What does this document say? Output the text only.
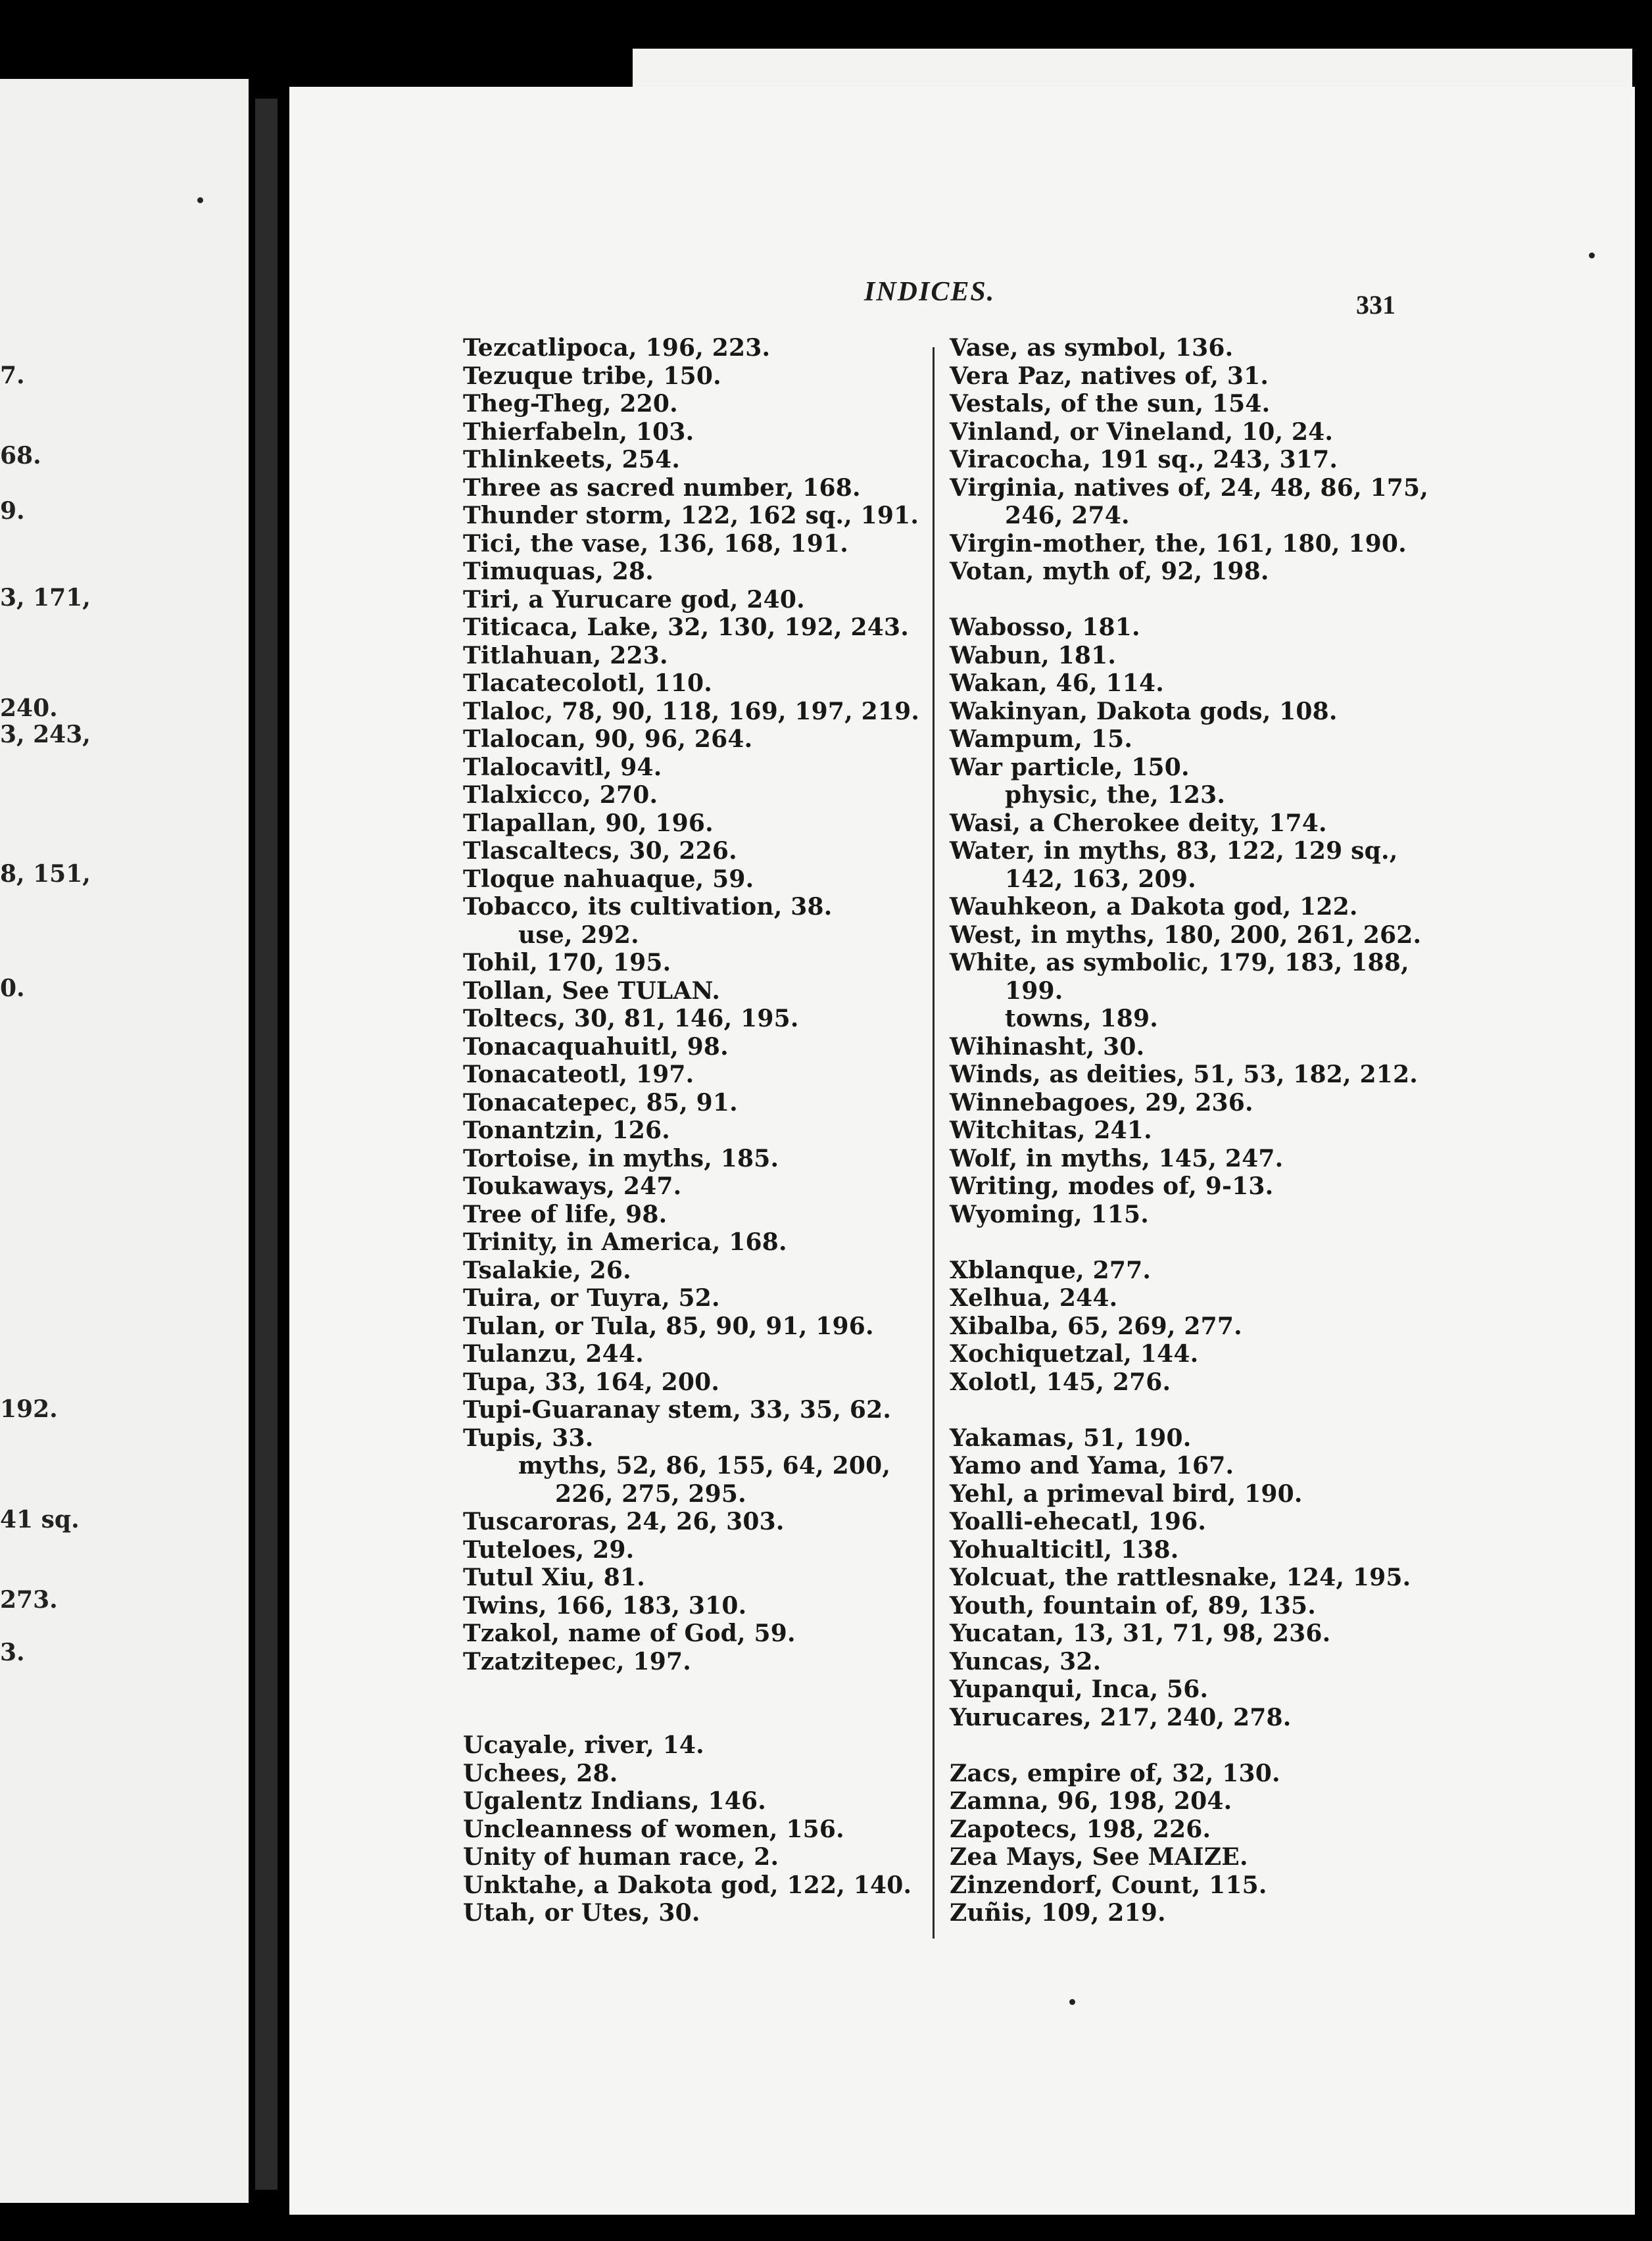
7.
68.
9.
3, 171,
240.
3, 243,
8, 151,
0.
192.
41 sq.
273.
3.
INDICES.	331
Tezcatlipoca, 196, 223.
Tezuque tribe, 150.
Theg-Theg, 220.
Thierfabeln, 103.
Thlinkeets, 254.
Three as sacred number, 168.
Thunder storm, 122, 162 sq., 191.
Tici, the vase, 136, 168, 191.
Timuquas, 28.
Tiri, a Yurucare god, 240.
Titicaca, Lake, 32, 130, 192, 243.
Titlahuan, 223.
Tlacatecolotl, 110.
Tlaloc, 78, 90, 118, 169, 197, 219.
Tlalocan, 90, 96, 264.
Tlalocavitl, 94.
Tlalxicco, 270.
Tlapallan, 90, 196.
Tlascaltecs, 30, 226.
Tloque nahuaque, 59.
Tobacco, its cultivation, 38.
use, 292.
Tohil, 170, 195.
Tollan, See TULAN.
Toltecs, 30, 81, 146, 195.
Tonacaquahuitl, 98.
Tonacateotl, 197.
Tonacatepec, 85, 91.
Tonantzin, 126.
Tortoise, in myths, 185.
Toukaways, 247.
Tree of life, 98.
Trinity, in America, 168.
Tsalakie, 26.
Tuira, or Tuyra, 52.
Tulan, or Tula, 85, 90, 91, 196.
Tulanzu, 244.
Tupa, 33, 164, 200.
Tupi-Guaranay stem, 33, 35, 62.
Tupis, 33.
myths, 52, 86, 155, 64, 200,
226, 275, 295.
Tuscaroras, 24, 26, 303.
Tuteloes, 29.
Tutul Xiu, 81.
Twins, 166, 183, 310.
Tzakol, name of God, 59.
Tzatzitepec, 197.
Ucayale, river, 14.
Uchees, 28.
Ugalentz Indians, 146.
Uncleanness of women, 156.
Unity of human race, 2.
Unktahe, a Dakota god, 122, 140.
Utah, or Utes, 30.
Vase, as symbol, 136.
Vera Paz, natives of, 31.
Vestals, of the sun, 154.
Vinland, or Vineland, 10, 24.
Viracocha, 191 sq., 243, 317.
Virginia, natives of, 24, 48, 86, 175,
246, 274.
Virgin-mother, the, 161, 180, 190.
Votan, myth of, 92, 198.
Wabosso, 181.
Wabun, 181.
Wakan, 46, 114.
Wakinyan, Dakota gods, 108.
Wampum, 15.
War particle, 150.
physic, the, 123.
Wasi, a Cherokee deity, 174.
Water, in myths, 83, 122, 129 sq.,
142, 163, 209.
Wauhkeon, a Dakota god, 122.
West, in myths, 180, 200, 261, 262.
White, as symbolic, 179, 183, 188,
199.
towns, 189.
Wihinasht, 30.
Winds, as deities, 51, 53, 182, 212.
Winnebagoes, 29, 236.
Witchitas, 241.
Wolf, in myths, 145, 247.
Writing, modes of, 9-13.
Wyoming, 115.
Xblanque, 277.
Xelhua, 244.
Xibalba, 65, 269, 277.
Xochiquetzal, 144.
Xolotl, 145, 276.
Yakamas, 51, 190.
Yamo and Yama, 167.
Yehl, a primeval bird, 190.
Yoalli-ehecatl, 196.
Yohualticitl, 138.
Yolcuat, the rattlesnake, 124, 195.
Youth, fountain of, 89, 135.
Yucatan, 13, 31, 71, 98, 236.
Yuncas, 32.
Yupanqui, Inca, 56.
Yurucares, 217, 240, 278.
Zacs, empire of, 32, 130.
Zamna, 96, 198, 204.
Zapotecs, 198, 226.
Zea Mays, See MAIZE.
Zinzendorf, Count, 115.
Zuñis, 109, 219.
